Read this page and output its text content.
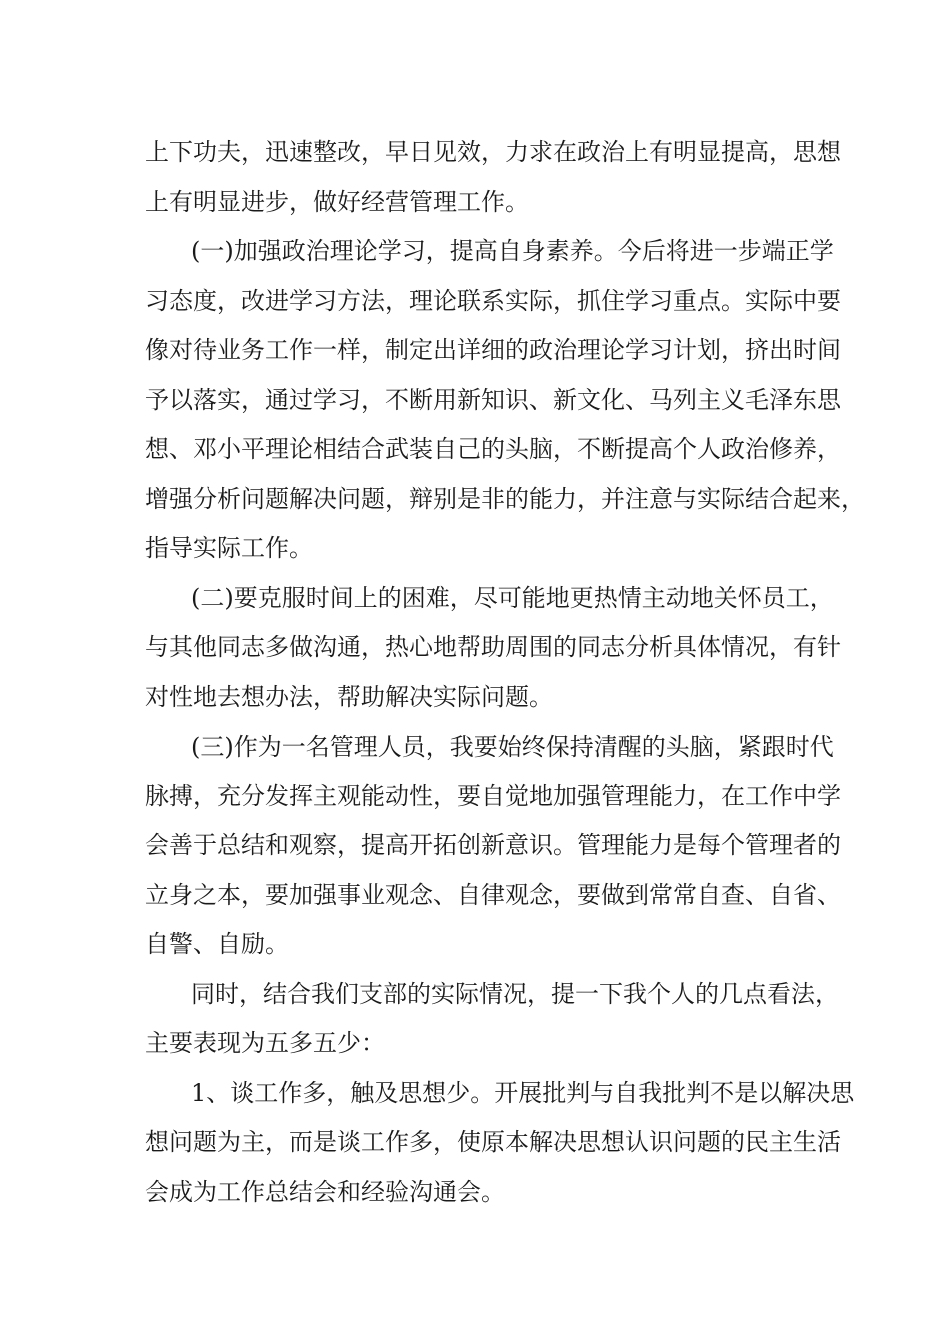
上下功夫，迅速整改，早日见效，力求在政治上有明显提高，思想
上有明显进步，做好经营管理工作。
(一)加强政治理论学习，提高自身素养。今后将进一步端正学
习态度，改进学习方法，理论联系实际，抓住学习重点。实际中要
像对待业务工作一样，制定出详细的政治理论学习计划，挤出时间
予以落实，通过学习，不断用新知识、新文化、马列主义毛泽东思
想、邓小平理论相结合武装自己的头脑，不断提高个人政治修养，
增强分析问题解决问题，辩别是非的能力，并注意与实际结合起来，
指导实际工作。
(二)要克服时间上的困难，尽可能地更热情主动地关怀员工，
与其他同志多做沟通，热心地帮助周围的同志分析具体情况，有针
对性地去想办法，帮助解决实际问题。
(三)作为一名管理人员，我要始终保持清醒的头脑，紧跟时代
脉搏，充分发挥主观能动性，要自觉地加强管理能力，在工作中学
会善于总结和观察，提高开拓创新意识。管理能力是每个管理者的
立身之本，要加强事业观念、自律观念，要做到常常自查、自省、
自警、自励。
同时，结合我们支部的实际情况，提一下我个人的几点看法，
主要表现为五多五少：
1、谈工作多，触及思想少。开展批判与自我批判不是以解决思
想问题为主，而是谈工作多，使原本解决思想认识问题的民主生活
会成为工作总结会和经验沟通会。
